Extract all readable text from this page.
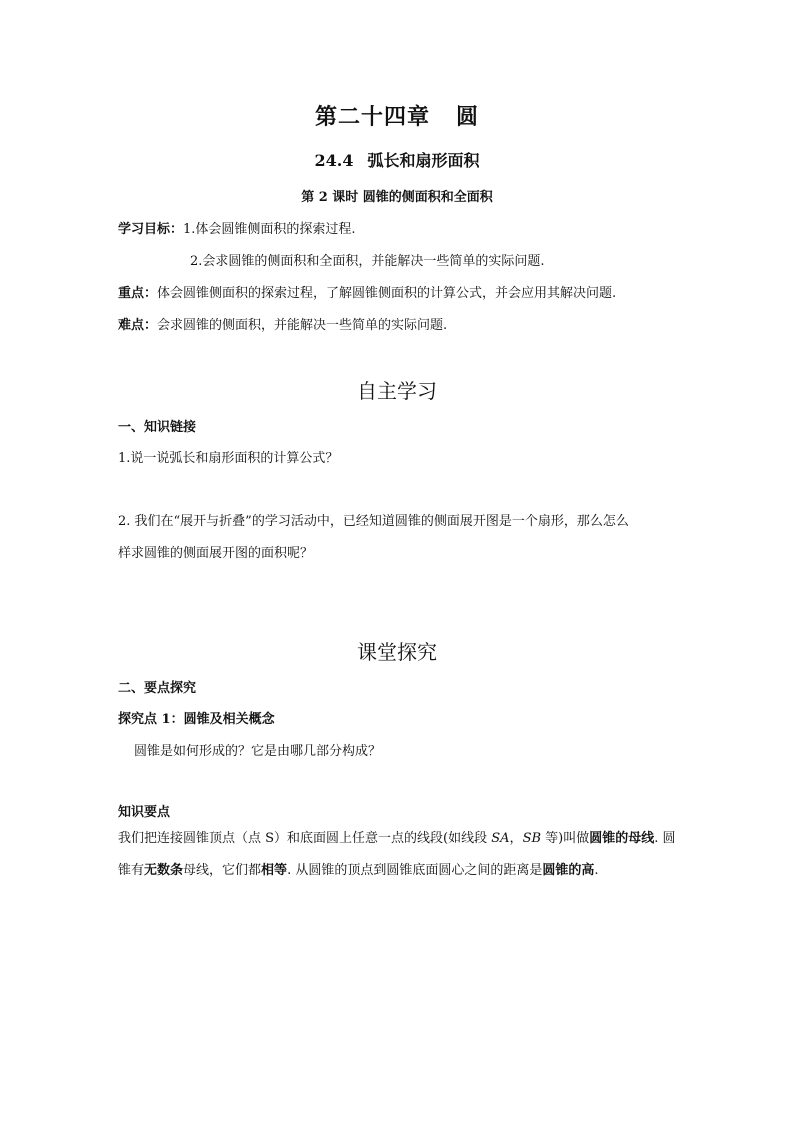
第二十四章 圆
24.4 弧长和扇形面积
第 2 课时 圆锥的侧面积和全面积
学习目标：1.体会圆锥侧面积的探索过程.
2.会求圆锥的侧面积和全面积，并能解决一些简单的实际问题.
重点：体会圆锥侧面积的探索过程，了解圆锥侧面积的计算公式，并会应用其解决问题.
难点：会求圆锥的侧面积，并能解决一些简单的实际问题.
自主学习
一、知识链接
1.说一说弧长和扇形面积的计算公式？
2. 我们在“展开与折叠”的学习活动中，已经知道圆锥的侧面展开图是一个扇形，那么怎么
样求圆锥的侧面展开图的面积呢？
课堂探究
二、要点探究
探究点 1：圆锥及相关概念
圆锥是如何形成的？它是由哪几部分构成？
知识要点
我们把连接圆锥顶点（点 S）和底面圆上任意一点的线段(如线段 SA，SB 等)叫做圆锥的母线. 圆锥有无数条母线，它们都相等. 从圆锥的顶点到圆锥底面圆心之间的距离是圆锥的高.
